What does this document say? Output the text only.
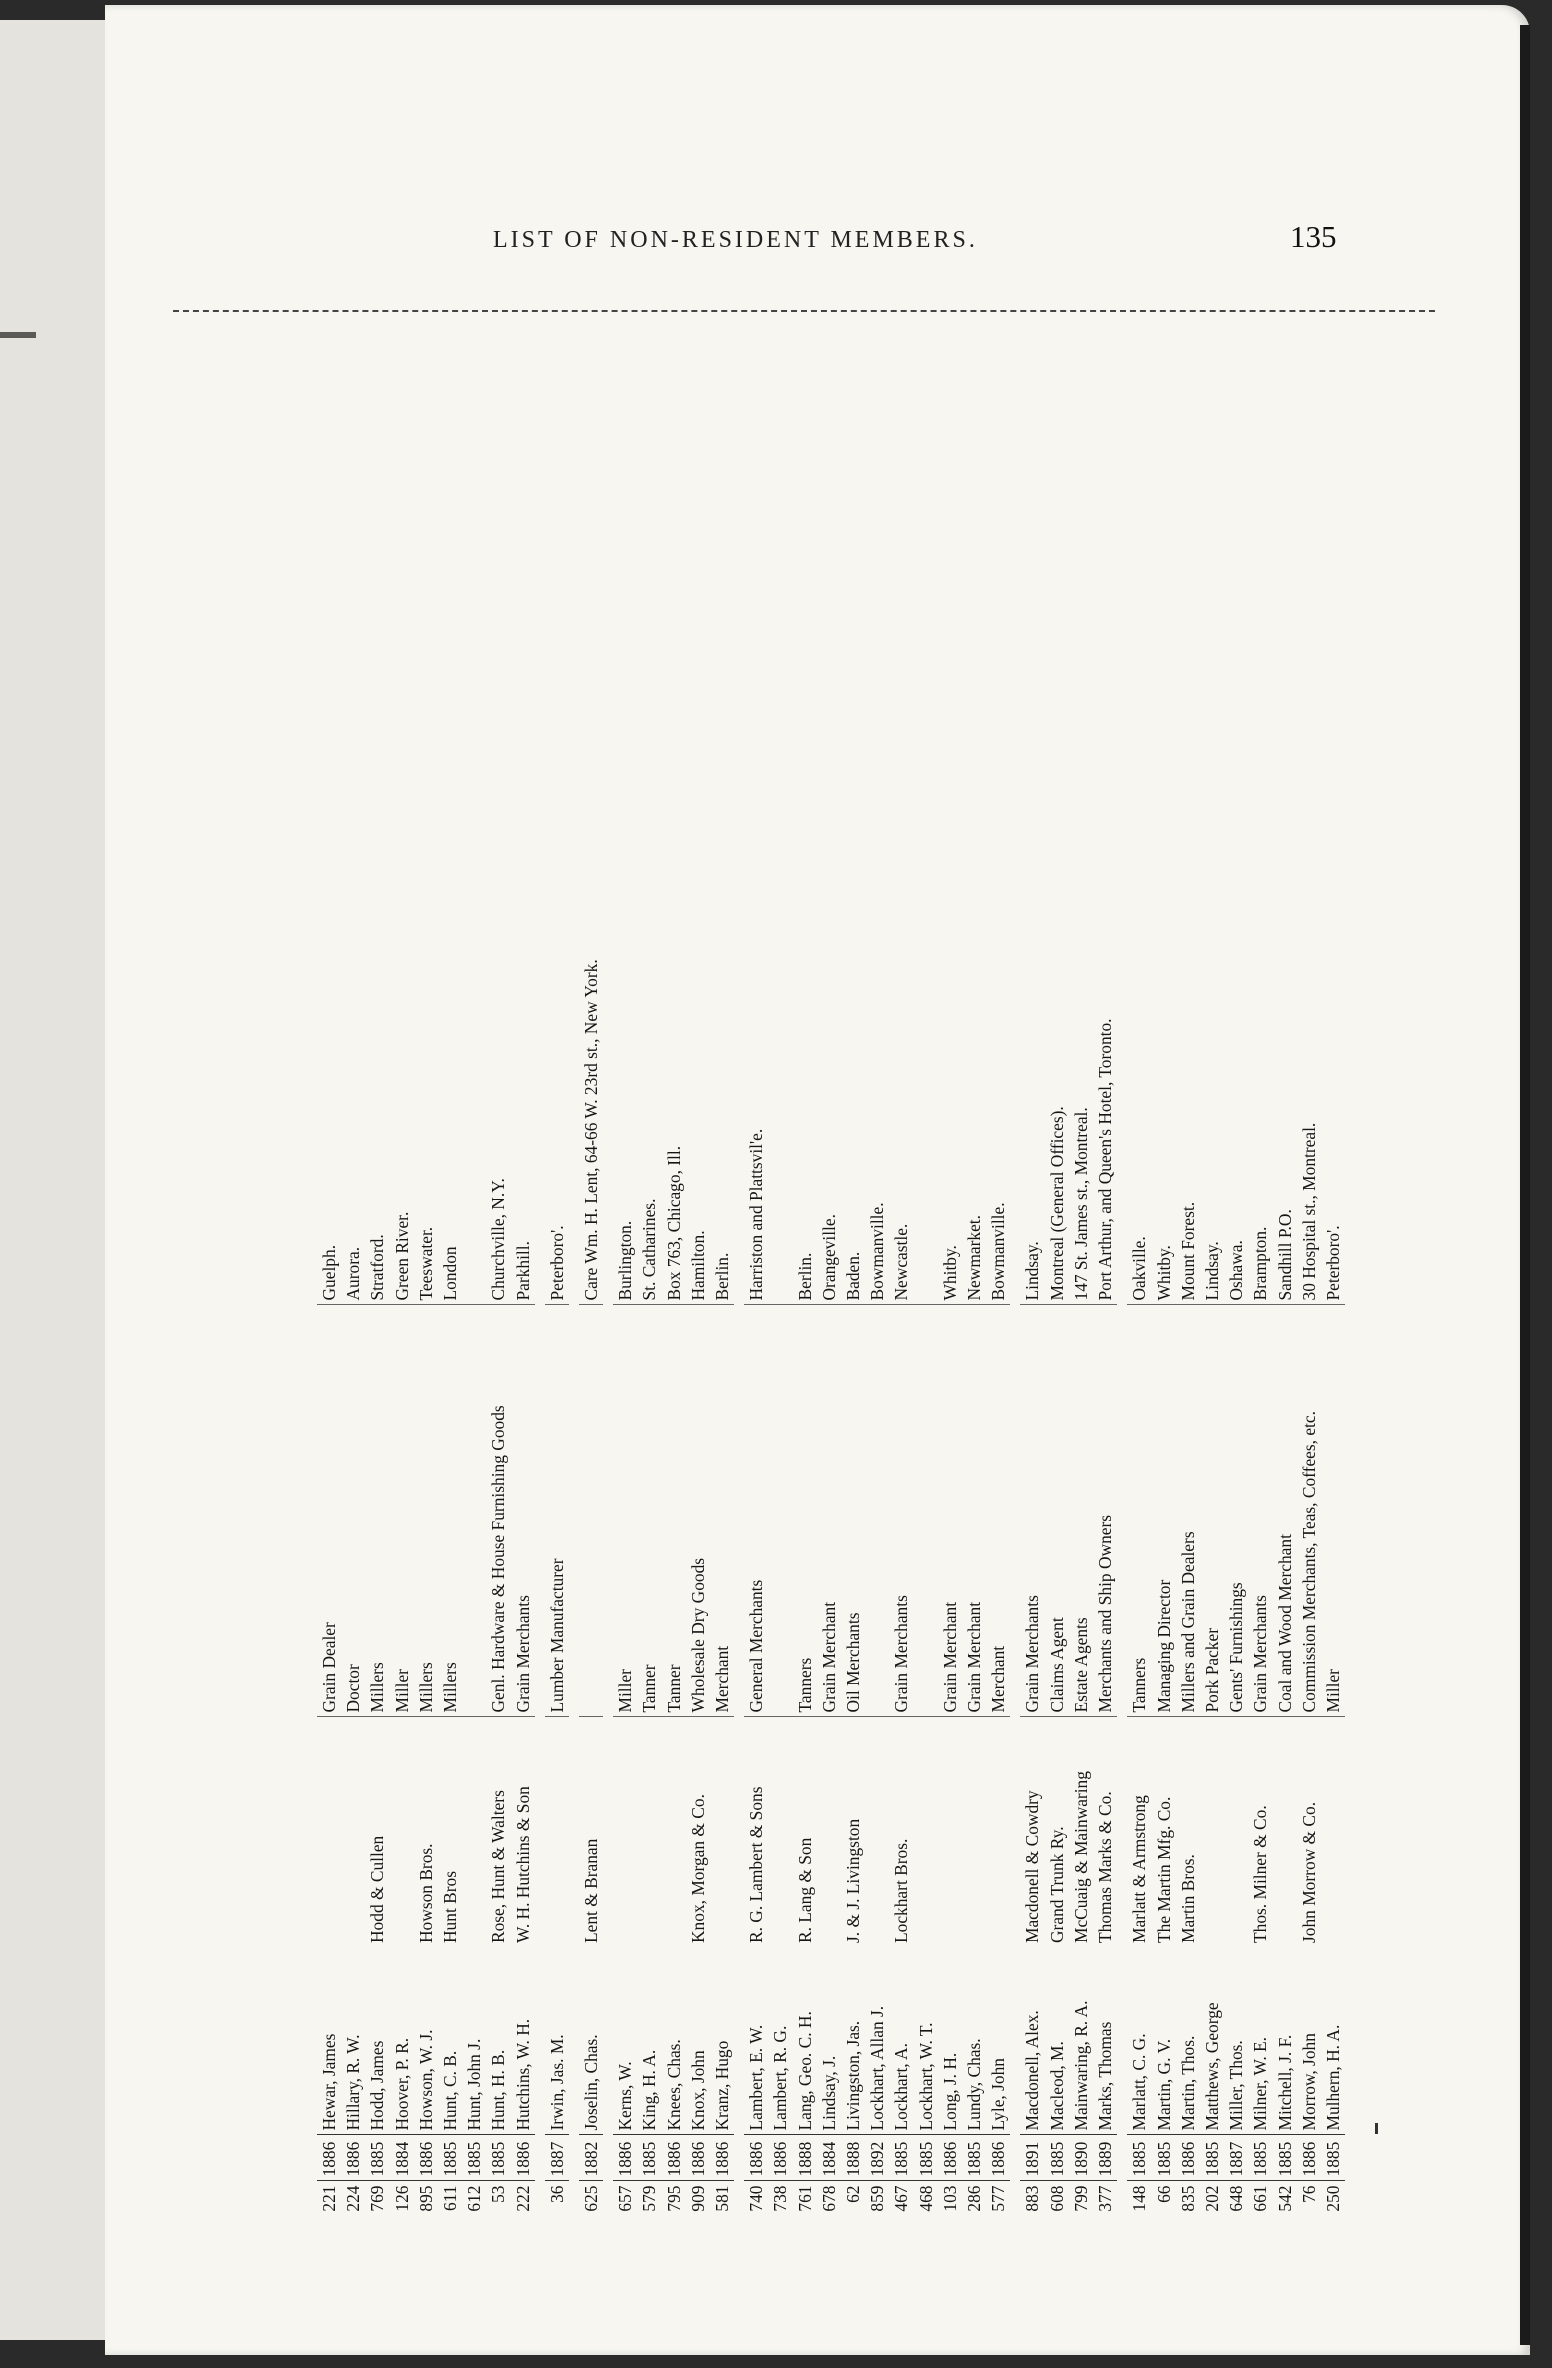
LIST OF NON-RESIDENT MEMBERS.	135
221	1886	Hewar, James		Grain Dealer	Guelph.
224	1886	Hillary, R. W.		Doctor	Aurora.
769	1885	Hodd, James	Hodd & Cullen	Millers	Stratford.
126	1884	Hoover, P. R.		Miller	Green River.
895	1886	Howson, W. J.	Howson Bros.	Millers	Teeswater.
611	1885	Hunt, C. B.	Hunt Bros	Millers	London
612	1885	Hunt, John J.			
53	1885	Hunt, H. B.	Rose, Hunt & Walters	Genl. Hardware & House Furnishing Goods	Churchville, N.Y.
222	1886	Hutchins, W. H.	W. H. Hutchins & Son	Grain Merchants	Parkhill.

36	1887	Irwin, Jas. M.		Lumber Manufacturer	Peterboro'.

625	1882	Joselin, Chas.	Lent & Branan		Care Wm. H. Lent, 64-66 W. 23rd st., New York.

657	1886	Kerns, W.		Miller	Burlington.
579	1885	King, H. A.		Tanner	St. Catharines.
795	1886	Knees, Chas.		Tanner	Box 763, Chicago, Ill.
909	1886	Knox, John	Knox, Morgan & Co.	Wholesale Dry Goods	Hamilton.
581	1886	Kranz, Hugo		Merchant	Berlin.

740	1886	Lambert, E. W.	R. G. Lambert & Sons	General Merchants	Harriston and Plattsvil'e.
738	1886	Lambert, R. G.			
761	1888	Lang, Geo. C. H.	R. Lang & Son	Tanners	Berlin.
678	1884	Lindsay, J.		Grain Merchant	Orangeville.
62	1888	Livingston, Jas.	J. & J. Livingston	Oil Merchants	Baden.
859	1892	Lockhart, Allan J.			Bowmanville.
467	1885	Lockhart, A.	Lockhart Bros.	Grain Merchants	Newcastle.
468	1885	Lockhart, W. T.			
103	1886	Long, J. H.		Grain Merchant	Whitby.
286	1885	Lundy, Chas.		Grain Merchant	Newmarket.
577	1886	Lyle, John		Merchant	Bowmanville.

883	1891	Macdonell, Alex.	Macdonell & Cowdry	Grain Merchants	Lindsay.
608	1885	Macleod, M.	Grand Trunk Ry.	Claims Agent	Montreal (General Offices).
799	1890	Mainwaring, R. A.	McCuaig & Mainwaring	Estate Agents	147 St. James st., Montreal.
377	1889	Marks, Thomas	Thomas Marks & Co.	Merchants and Ship Owners	Port Arthur, and Queen's Hotel, Toronto.

148	1885	Marlatt, C. G.	Marlatt & Armstrong	Tanners	Oakville.
66	1885	Martin, G. V.	The Martin Mfg. Co.	Managing Director	Whitby.
835	1886	Martin, Thos.	Martin Bros.	Millers and Grain Dealers	Mount Forest.
202	1885	Matthews, George		Pork Packer	Lindsay.
648	1887	Miller, Thos.		Gents' Furnishings	Oshawa.
661	1885	Milner, W. E.	Thos. Milner & Co.	Grain Merchants	Brampton.
542	1885	Mitchell, J. F.		Coal and Wood Merchant	Sandhill P.O.
76	1886	Morrow, John	John Morrow & Co.	Commission Merchants, Teas, Coffees, etc.	30 Hospital st., Montreal.
250	1885	Mulhern, H. A.		Miller	Peterboro'.
